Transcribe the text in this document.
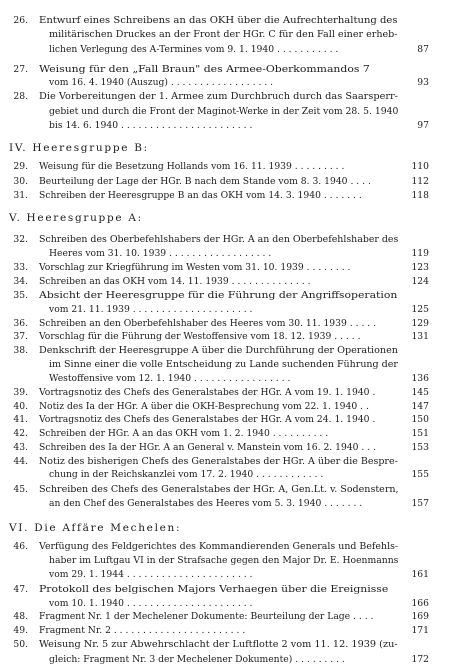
26. Entwurf eines Schreibens an das OKH über die Aufrechterhaltung des
militärischen Druckes an der Front der HGr. C für den Fall einer erheb-
lichen Verlegung des A-Termines vom 9. 1. 1940 . . . . . . . . . . .	87
27. Weisung für den „Fall Braun" des Armee-Oberkommandos 7
vom 16. 4. 1940 (Auszug) . . . . . . . . . . . . . . . . . .	93
28. Die Vorbereitungen der 1. Armee zum Durchbruch durch das Saarsperr-
gebiet und durch die Front der Maginot-Werke in der Zeit vom 28. 5. 1940
bis 14. 6. 1940 . . . . . . . . . . . . . . . . . . . . . . .	97
IV. Heeresgruppe B:
29. Weisung für die Besetzung Hollands vom 16. 11. 1939 . . . . . . . . .	110
30. Beurteilung der Lage der HGr. B nach dem Stande vom 8. 3. 1940 . . . .	112
31. Schreiben der Heeresgruppe B an das OKH vom 14. 3. 1940 . . . . . . .	118
V. Heeresgruppe A:
32. Schreiben des Oberbefehlshabers der HGr. A an den Oberbefehlshaber des
Heeres vom 31. 10. 1939 . . . . . . . . . . . . . . . . . .	119
33. Vorschlag zur Kriegführung im Westen vom 31. 10. 1939 . . . . . . . .	123
34. Schreiben an das OKH vom 14. 11. 1939 . . . . . . . . . . . . . .	124
35. Absicht der Heeresgruppe für die Führung der Angriffsoperation
vom 21. 11. 1939 . . . . . . . . . . . . . . . . . . . . .	125
36. Schreiben an den Oberbefehlshaber des Heeres vom 30. 11. 1939 . . . . .	129
37. Vorschlag für die Führung der Westoffensive vom 18. 12. 1939 . . . . .	131
38. Denkschrift der Heeresgruppe A über die Durchführung der Operationen
im Sinne einer die volle Entscheidung zu Lande suchenden Führung der
Westoffensive vom 12. 1. 1940 . . . . . . . . . . . . . . . . .	136
39. Vortragsnotiz des Chefs des Generalstabes der HGr. A vom 19. 1. 1940 .	145
40. Notiz des Ia der HGr. A über die OKH-Besprechung vom 22. 1. 1940 . .	147
41. Vortragsnotiz des Chefs des Generalstabes der HGr. A vom 24. 1. 1940 .	150
42. Schreiben der HGr. A an das OKH vom 1. 2. 1940 . . . . . . . . . .	151
43. Schreiben des Ia der HGr. A an General v. Manstein vom 16. 2. 1940 . . .	153
44. Notiz des bisherigen Chefs des Generalstabes der HGr. A über die Bespre-
chung in der Reichskanzlei vom 17. 2. 1940 . . . . . . . . . . . .	155
45. Schreiben des Chefs des Generalstabes der HGr. A, Gen.Lt. v. Sodenstern,
an den Chef des Generalstabes des Heeres vom 5. 3. 1940 . . . . . . .	157
VI. Die Affäre Mechelen:
46. Verfügung des Feldgerichtes des Kommandierenden Generals und Befehls-
haber im Luftgau VI in der Strafsache gegen den Major Dr. E. Hoenmanns
vom 29. 1. 1944 . . . . . . . . . . . . . . . . . . . . . .	161
47. Protokoll des belgischen Majors Verhaegen über die Ereignisse
vom 10. 1. 1940 . . . . . . . . . . . . . . . . . . . . . .	166
48. Fragment Nr. 1 der Mechelener Dokumente: Beurteilung der Lage . . . .	169
49. Fragment Nr. 2 . . . . . . . . . . . . . . . . . . . . . . .	171
50. Weisung Nr. 5 zur Abwehrschlacht der Luftflotte 2 vom 11. 12. 1939 (zu-
gleich: Fragment Nr. 3 der Mechelener Dokumente) . . . . . . . . .	172
